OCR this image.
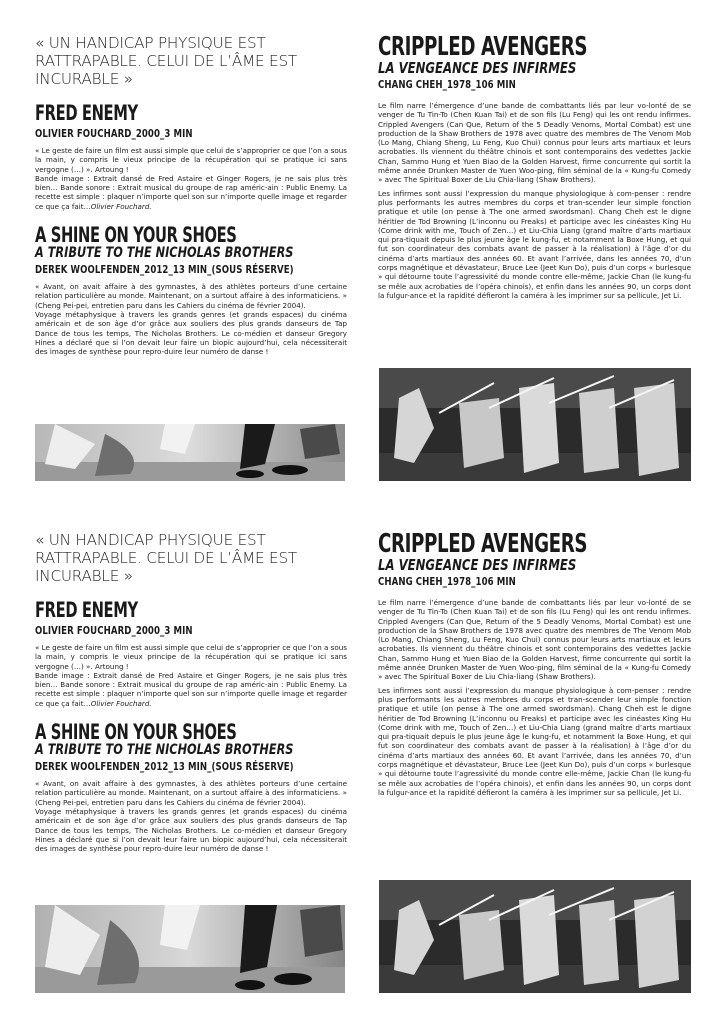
« UN HANDICAP PHYSIQUE EST RATTRAPABLE. CELUI DE L’ÂME EST INCURABLE »

FRED ENEMY

OLIVIER FOUCHARD_2000_3 MIN

« Le geste de faire un film est aussi simple que celui de s’approprier ce que l’on a sous la main, y compris le vieux principe de la récupération qui se pratique ici sans vergogne (…) ». Artoung !

Bande image : Extrait dansé de Fred Astaire et Ginger Rogers, je ne sais plus très bien… Bande sonore : Extrait musical du groupe de rap améric-ain : Public Enemy. La recette est simple : plaquer n’importe quel son sur n’importe quelle image et regarder ce que ça fait…Olivier Fouchard.

A SHINE ON YOUR SHOES

A TRIBUTE TO THE NICHOLAS BROTHERS

DEREK WOOLFENDEN_2012_13 MIN_(SOUS RÉSERVE)

« Avant, on avait affaire à des gymnastes, à des athlètes porteurs d’une certaine relation particulière au monde. Maintenant, on a surtout affaire à des informaticiens. » (Cheng Pei-pei, entretien paru dans les Cahiers du cinéma de février 2004).

Voyage métaphysique à travers les grands genres (et grands espaces) du cinéma américain et de son âge d’or grâce aux souliers des plus grands danseurs de Tap Dance de tous les temps, The Nicholas Brothers. Le co-médien et danseur Gregory Hines a déclaré que si l’on devait leur faire un biopic aujourd’hui, cela nécessiterait des images de synthèse pour repro-duire leur numéro de danse !

CRIPPLED AVENGERS

LA VENGEANCE DES INFIRMES

CHANG CHEH_1978_106 MIN

Le film narre l’émergence d’une bande de combattants liés par leur vo-lonté de se venger de Tu Tin-To (Chen Kuan Tai) et de son fils (Lu Feng) qui les ont rendu infirmes. Crippled Avengers (Can Que, Return of the 5 Deadly Venoms, Mortal Combat) est une production de la Shaw Brothers de 1978 avec quatre des membres de The Venom Mob (Lo Mang, Chiang Sheng, Lu Feng, Kuo Chui) connus pour leurs arts martiaux et leurs acrobaties. Ils viennent du théâtre chinois et sont contemporains des vedettes Jackie Chan, Sammo Hung et Yuen Biao de la Golden Harvest, firme concurrente qui sortit la même année Drunken Master de Yuen Woo-ping, film séminal de la « Kung-fu Comedy » avec The Spiritual Boxer de Liu Chia-liang (Shaw Brothers).

Les infirmes sont aussi l’expression du manque physiologique à com-penser : rendre plus performants les autres membres du corps et tran-scender leur simple fonction pratique et utile (on pense à The one armed swordsman). Chang Cheh est le digne héritier de Tod Browning (L’inconnu ou Freaks) et participe avec les cinéastes King Hu (Come drink with me, Touch of Zen…) et Liu-Chia Liang (grand maître d’arts martiaux qui pra-tiquait depuis le plus jeune âge le kung-fu, et notamment la Boxe Hung, et qui fut son coordinateur des combats avant de passer à la réalisation) à l’âge d’or du cinéma d’arts martiaux des années 60. Et avant l’arrivée, dans les années 70, d’un corps magnétique et dévastateur, Bruce Lee (Jeet Kun Do), puis d’un corps « burlesque » qui détourne toute l’agressivité du monde contre elle-même, Jackie Chan (le kung-fu se mêle aux acrobaties de l’opéra chinois), et enfin dans les années 90, un corps dont la fulgur-ance et la rapidité défieront la caméra à les imprimer sur sa pellicule, Jet Li.

« UN HANDICAP PHYSIQUE EST RATTRAPABLE. CELUI DE L’ÂME EST INCURABLE »

FRED ENEMY

OLIVIER FOUCHARD_2000_3 MIN

« Le geste de faire un film est aussi simple que celui de s’approprier ce que l’on a sous la main, y compris le vieux principe de la récupération qui se pratique ici sans vergogne (…) ». Artoung !

Bande image : Extrait dansé de Fred Astaire et Ginger Rogers, je ne sais plus très bien… Bande sonore : Extrait musical du groupe de rap améric-ain : Public Enemy. La recette est simple : plaquer n’importe quel son sur n’importe quelle image et regarder ce que ça fait…Olivier Fouchard.

A SHINE ON YOUR SHOES

A TRIBUTE TO THE NICHOLAS BROTHERS

DEREK WOOLFENDEN_2012_13 MIN_(SOUS RÉSERVE)

« Avant, on avait affaire à des gymnastes, à des athlètes porteurs d’une certaine relation particulière au monde. Maintenant, on a surtout affaire à des informaticiens. » (Cheng Pei-pei, entretien paru dans les Cahiers du cinéma de février 2004).

Voyage métaphysique à travers les grands genres (et grands espaces) du cinéma américain et de son âge d’or grâce aux souliers des plus grands danseurs de Tap Dance de tous les temps, The Nicholas Brothers. Le co-médien et danseur Gregory Hines a déclaré que si l’on devait leur faire un biopic aujourd’hui, cela nécessiterait des images de synthèse pour repro-duire leur numéro de danse !

CRIPPLED AVENGERS

LA VENGEANCE DES INFIRMES

CHANG CHEH_1978_106 MIN

Le film narre l’émergence d’une bande de combattants liés par leur vo-lonté de se venger de Tu Tin-To (Chen Kuan Tai) et de son fils (Lu Feng) qui les ont rendu infirmes. Crippled Avengers (Can Que, Return of the 5 Deadly Venoms, Mortal Combat) est une production de la Shaw Brothers de 1978 avec quatre des membres de The Venom Mob (Lo Mang, Chiang Sheng, Lu Feng, Kuo Chui) connus pour leurs arts martiaux et leurs acrobaties. Ils viennent du théâtre chinois et sont contemporains des vedettes Jackie Chan, Sammo Hung et Yuen Biao de la Golden Harvest, firme concurrente qui sortit la même année Drunken Master de Yuen Woo-ping, film séminal de la « Kung-fu Comedy » avec The Spiritual Boxer de Liu Chia-liang (Shaw Brothers).

Les infirmes sont aussi l’expression du manque physiologique à com-penser : rendre plus performants les autres membres du corps et tran-scender leur simple fonction pratique et utile (on pense à The one armed swordsman). Chang Cheh est le digne héritier de Tod Browning (L’inconnu ou Freaks) et participe avec les cinéastes King Hu (Come drink with me, Touch of Zen…) et Liu-Chia Liang (grand maître d’arts martiaux qui pra-tiquait depuis le plus jeune âge le kung-fu, et notamment la Boxe Hung, et qui fut son coordinateur des combats avant de passer à la réalisation) à l’âge d’or du cinéma d’arts martiaux des années 60. Et avant l’arrivée, dans les années 70, d’un corps magnétique et dévastateur, Bruce Lee (Jeet Kun Do), puis d’un corps « burlesque » qui détourne toute l’agressivité du monde contre elle-même, Jackie Chan (le kung-fu se mêle aux acrobaties de l’opéra chinois), et enfin dans les années 90, un corps dont la fulgur-ance et la rapidité défieront la caméra à les imprimer sur sa pellicule, Jet Li.
